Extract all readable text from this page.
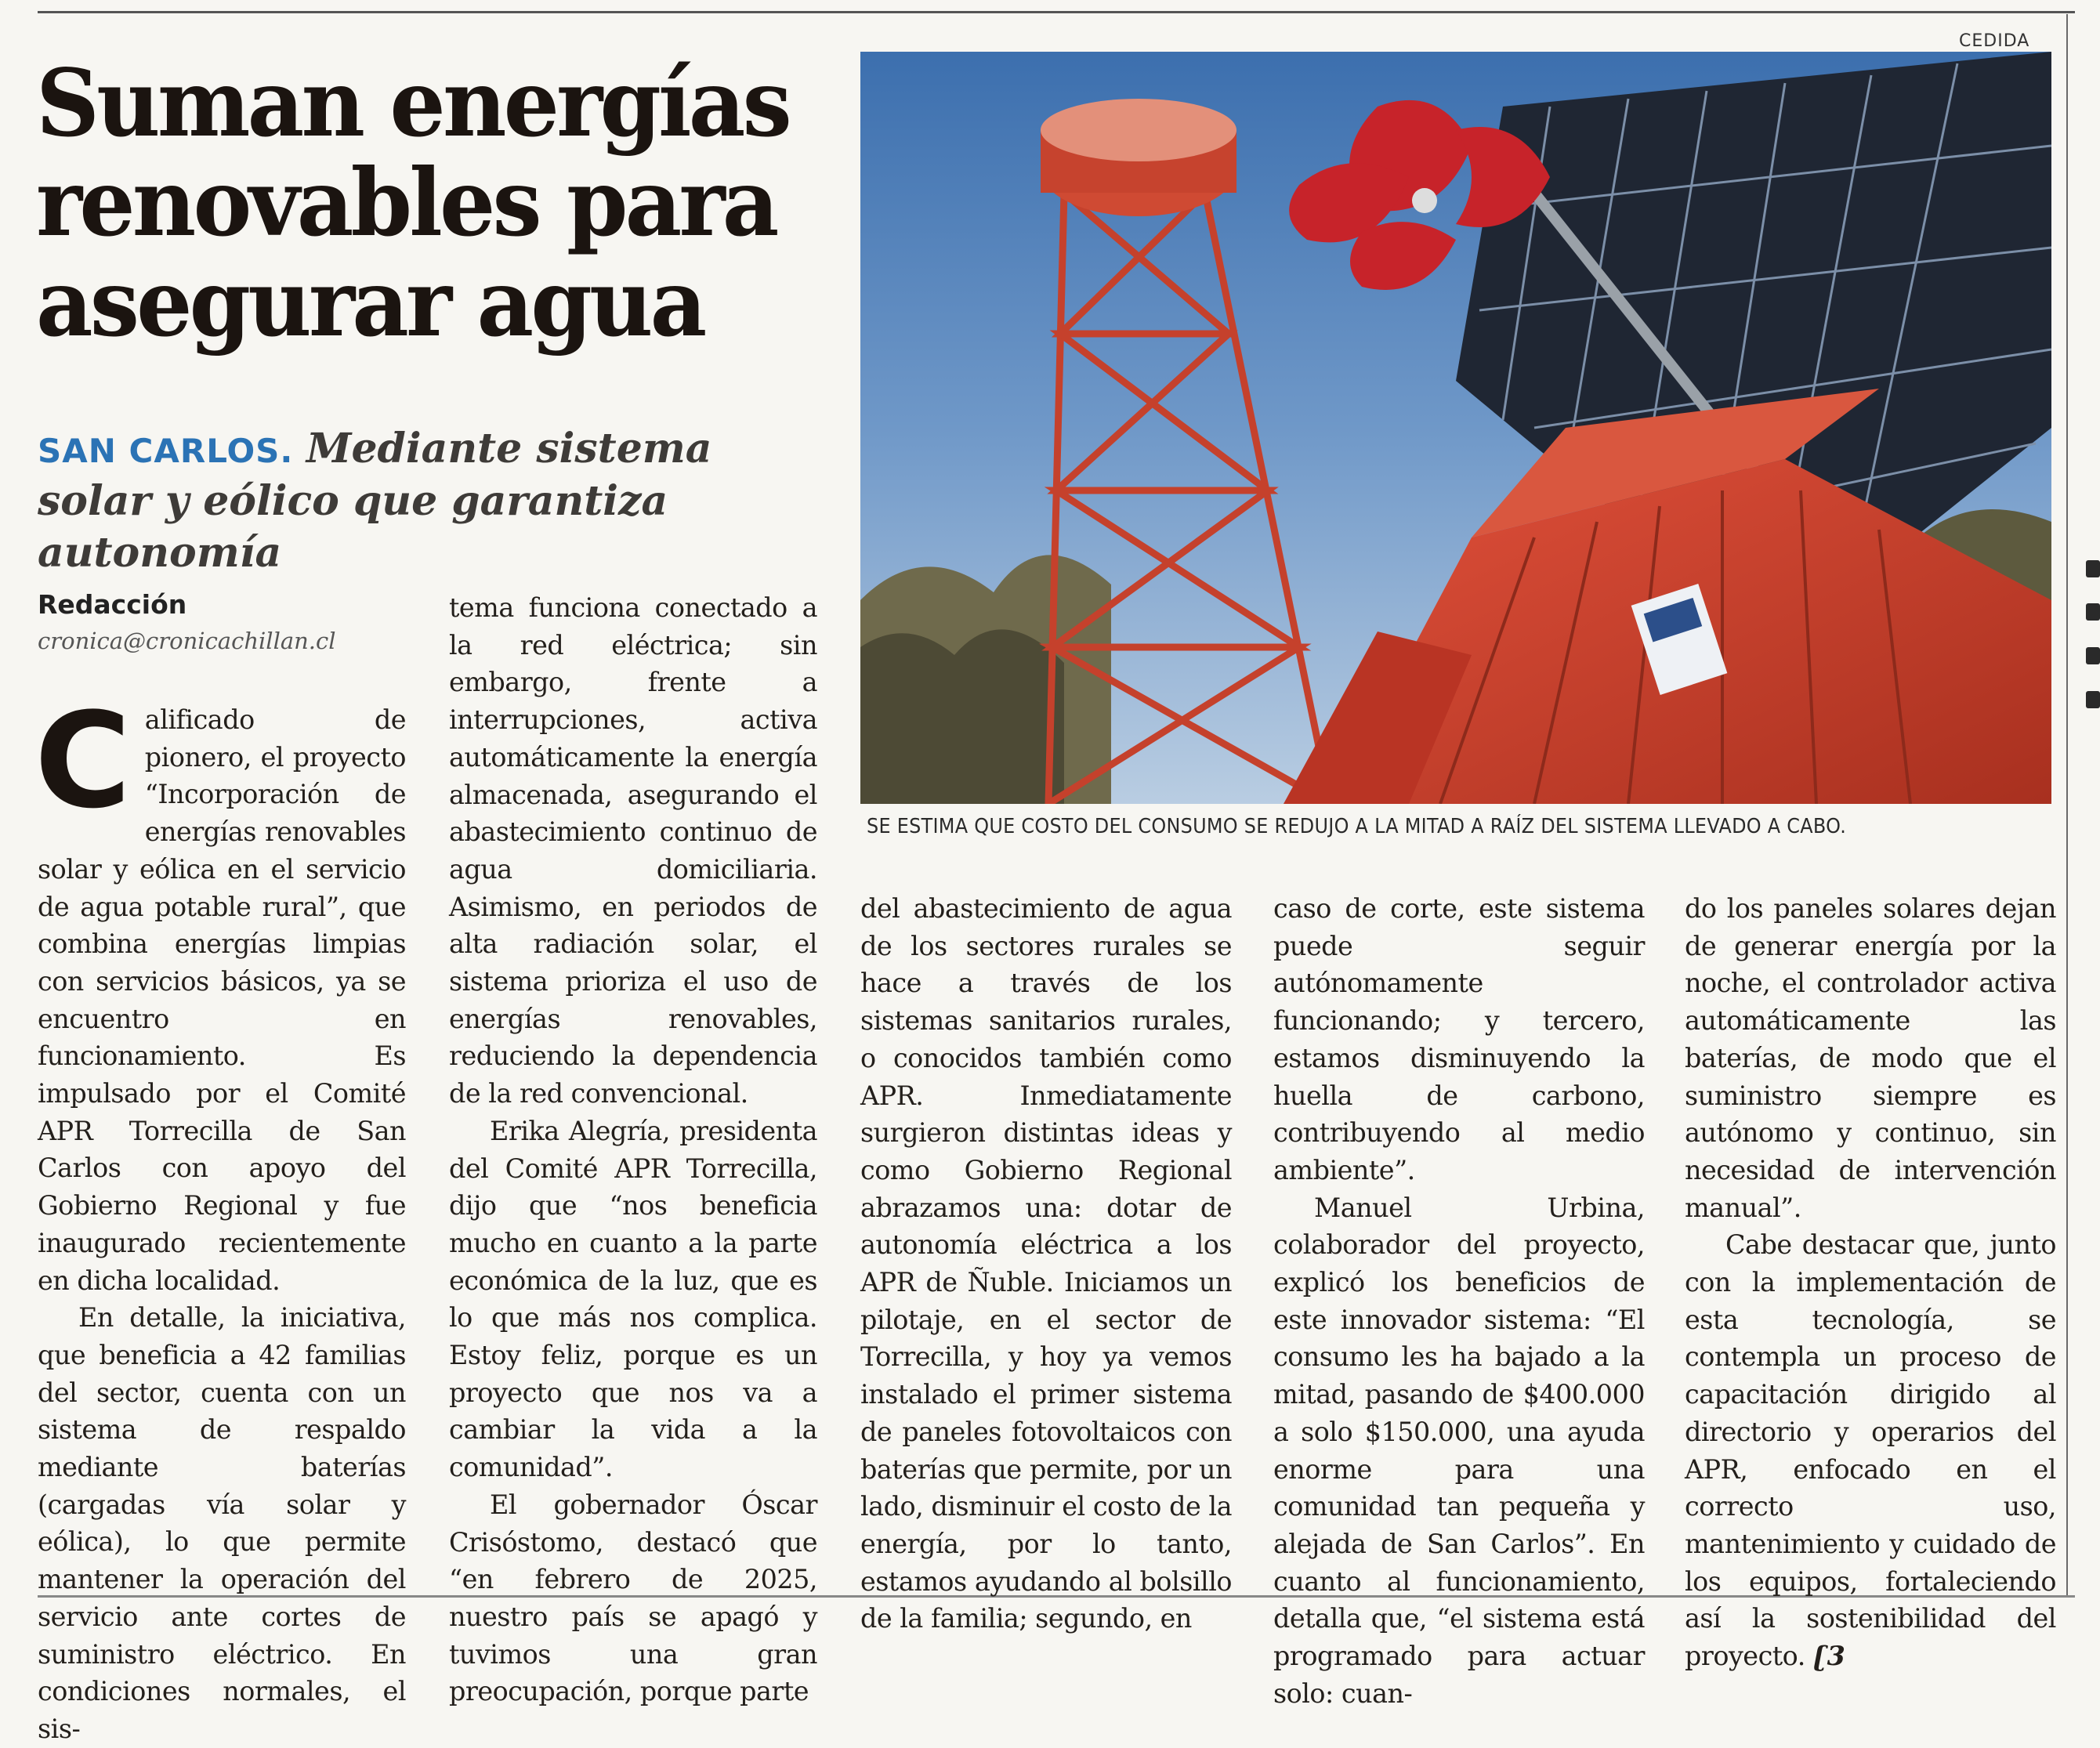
Suman energías renovables para asegurar agua

SAN CARLOS. Mediante sistema solar y eólico que garantiza autonomía

Redacción
cronica@cronicachillan.cl

Calificado de pionero, el proyecto “Incorporación de energías renovables solar y eólica en el servicio de agua potable rural”, que combina energías limpias con servicios básicos, ya se encuentro en funcionamiento. Es impulsado por el Comité APR Torrecilla de San Carlos con apoyo del Gobierno Regional y fue inaugurado recientemente en dicha localidad.

En detalle, la iniciativa, que beneficia a 42 familias del sector, cuenta con un sistema de respaldo mediante baterías (cargadas vía solar y eólica), lo que permite mantener la operación del servicio ante cortes de suministro eléctrico. En condiciones normales, el sis-

tema funciona conectado a la red eléctrica; sin embargo, frente a interrupciones, activa automáticamente la energía almacenada, asegurando el abastecimiento continuo de agua domiciliaria. Asimismo, en periodos de alta radiación solar, el sistema prioriza el uso de energías renovables, reduciendo la dependencia de la red convencional.

Erika Alegría, presidenta del Comité APR Torrecilla, dijo que “nos beneficia mucho en cuanto a la parte económica de la luz, que es lo que más nos complica. Estoy feliz, porque es un proyecto que nos va a cambiar la vida a la comunidad”.

El gobernador Óscar Crisóstomo, destacó que “en febrero de 2025, nuestro país se apagó y tuvimos una gran preocupación, porque parte

CEDIDA
SE ESTIMA QUE COSTO DEL CONSUMO SE REDUJO A LA MITAD A RAÍZ DEL SISTEMA LLEVADO A CABO.

del abastecimiento de agua de los sectores rurales se hace a través de los sistemas sanitarios rurales, o conocidos también como APR. Inmediatamente surgieron distintas ideas y como Gobierno Regional abrazamos una: dotar de autonomía eléctrica a los APR de Ñuble. Iniciamos un pilotaje, en el sector de Torrecilla, y hoy ya vemos instalado el primer sistema de paneles fotovoltaicos con baterías que permite, por un lado, disminuir el costo de la energía, por lo tanto, estamos ayudando al bolsillo de la familia; segundo, en

caso de corte, este sistema puede seguir autónomamente funcionando; y tercero, estamos disminuyendo la huella de carbono, contribuyendo al medio ambiente”.

Manuel Urbina, colaborador del proyecto, explicó los beneficios de este innovador sistema: “El consumo les ha bajado a la mitad, pasando de $400.000 a solo $150.000, una ayuda enorme para una comunidad tan pequeña y alejada de San Carlos”. En cuanto al funcionamiento, detalla que, “el sistema está programado para actuar solo: cuan-

do los paneles solares dejan de generar energía por la noche, el controlador activa automáticamente las baterías, de modo que el suministro siempre es autónomo y continuo, sin necesidad de intervención manual”.

Cabe destacar que, junto con la implementación de esta tecnología, se contempla un proceso de capacitación dirigido al directorio y operarios del APR, enfocado en el correcto uso, mantenimiento y cuidado de los equipos, fortaleciendo así la sostenibilidad del proyecto. ʗ3
